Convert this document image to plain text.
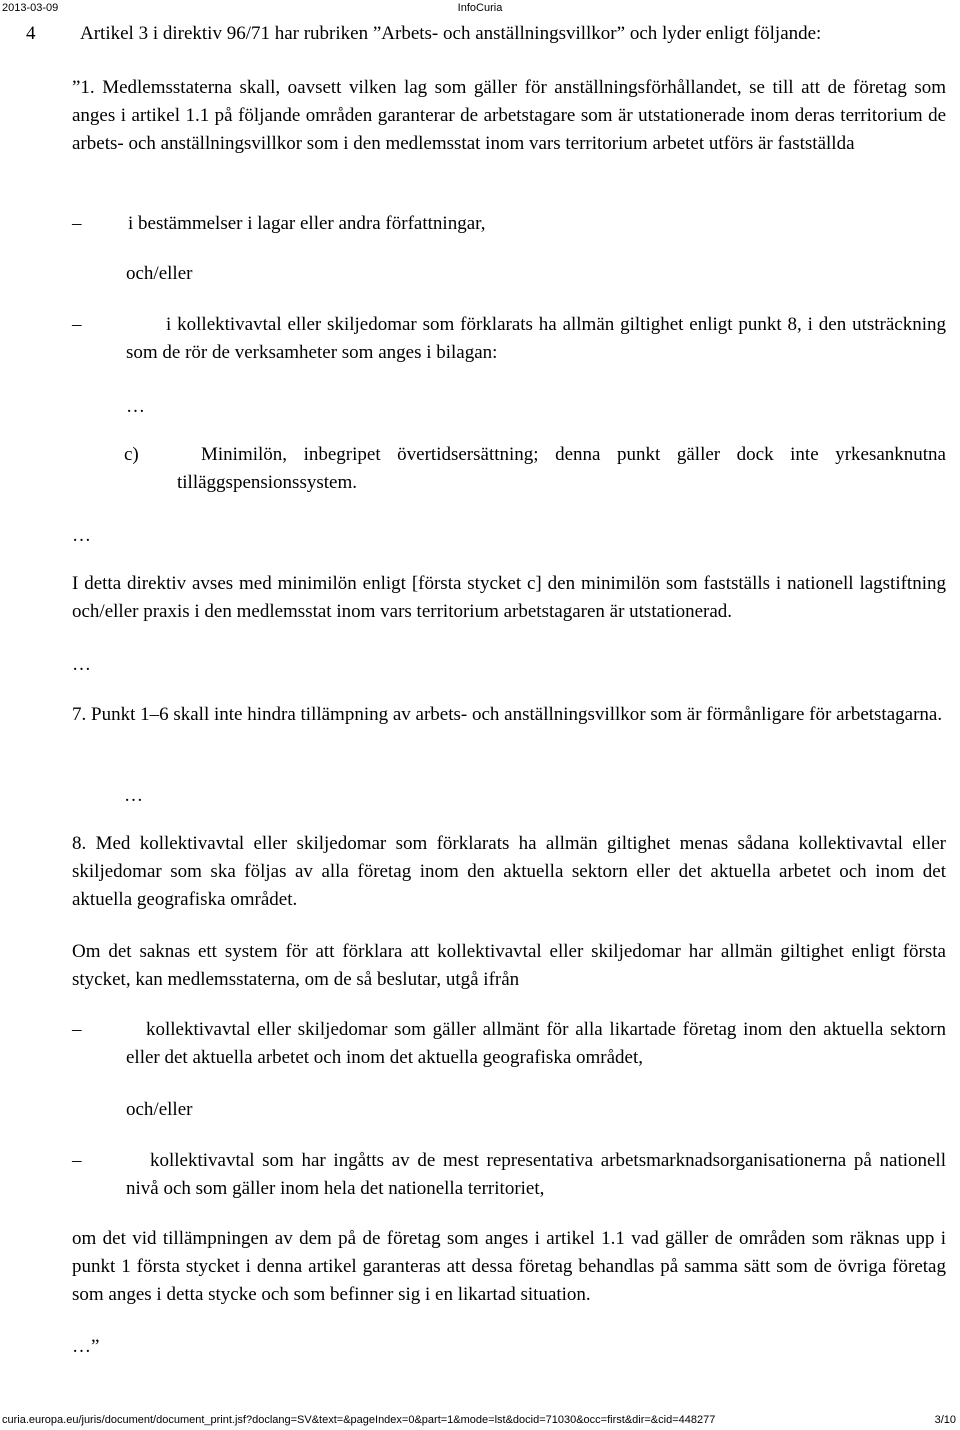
2013-03-09	InfoCuria
4 Artikel 3 i direktiv 96/71 har rubriken ”Arbets- och anställningsvillkor” och lyder enligt följande:
”1. Medlemsstaterna skall, oavsett vilken lag som gäller för anställningsförhållandet, se till att de företag som anges i artikel 1.1 på följande områden garanterar de arbetstagare som är utstationerade inom deras territorium de arbets- och anställningsvillkor som i den medlemsstat inom vars territorium arbetet utförs är fastställda
– i bestämmelser i lagar eller andra författningar,
och/eller
–	i kollektivavtal eller skiljedomar som förklarats ha allmän giltighet enligt punkt 8, i den utsträckning som de rör de verksamheter som anges i bilagan:
…
c)	Minimilön, inbegripet övertidsersättning; denna punkt gäller dock inte yrkesanknutna tilläggspensionssystem.
…
I detta direktiv avses med minimilön enligt [första stycket c] den minimilön som fastställs i nationell lagstiftning och/eller praxis i den medlemsstat inom vars territorium arbetstagaren är utstationerad.
…
7. Punkt 1–6 skall inte hindra tillämpning av arbets- och anställningsvillkor som är förmånligare för arbetstagarna.
…
8. Med kollektivavtal eller skiljedomar som förklarats ha allmän giltighet menas sådana kollektivavtal eller skiljedomar som ska följas av alla företag inom den aktuella sektorn eller det aktuella arbetet och inom det aktuella geografiska området.
Om det saknas ett system för att förklara att kollektivavtal eller skiljedomar har allmän giltighet enligt första stycket, kan medlemsstaterna, om de så beslutar, utgå ifrån
–	kollektivavtal eller skiljedomar som gäller allmänt för alla likartade företag inom den aktuella sektorn eller det aktuella arbetet och inom det aktuella geografiska området,
och/eller
–	kollektivavtal som har ingåtts av de mest representativa arbetsmarknadsorganisationerna på nationell nivå och som gäller inom hela det nationella territoriet,
om det vid tillämpningen av dem på de företag som anges i artikel 1.1 vad gäller de områden som räknas upp i punkt 1 första stycket i denna artikel garanteras att dessa företag behandlas på samma sätt som de övriga företag som anges i detta stycke och som befinner sig i en likartad situation.
…”
curia.europa.eu/juris/document/document_print.jsf?doclang=SV&text=&pageIndex=0&part=1&mode=lst&docid=71030&occ=first&dir=&cid=448277	3/10
